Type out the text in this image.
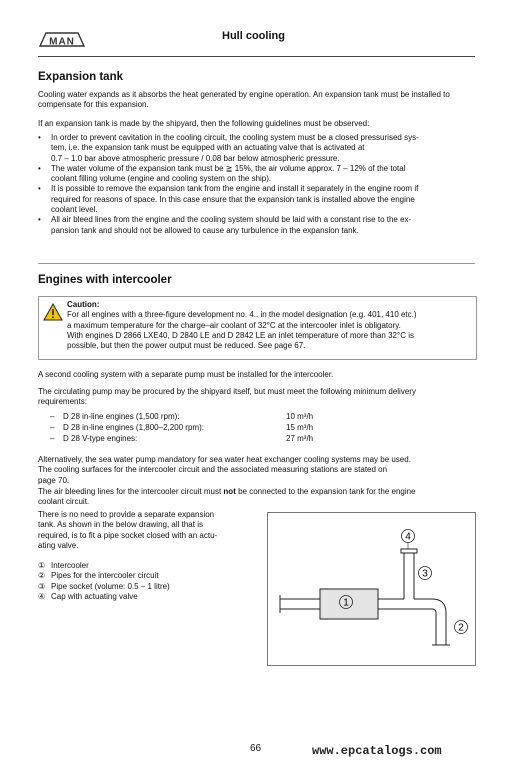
MAN	Hull cooling
Expansion tank
Cooling water expands as it absorbs the heat generated by engine operation. An expansion tank must be installed to compensate for this expansion.
If an expansion tank is made by the shipyard, then the following guidelines must be observed:
• In order to prevent cavitation in the cooling circuit, the cooling system must be a closed pressurised sys-
tem, i.e. the expansion tank must be equipped with an actuating valve that is activated at
0.7 – 1.0 bar above atmospheric pressure / 0.08 bar below atmospheric pressure.
• The water volume of the expansion tank must be ≧ 15%, the air volume approx. 7 – 12% of the total
coolant filling volume (engine and cooling system on the ship).
• It is possible to remove the expansion tank from the engine and install it separately in the engine room if
required for reasons of space. In this case ensure that the expansion tank is installed above the engine
coolant level.
• All air bleed lines from the engine and the cooling system should be laid with a constant rise to the ex-
pansion tank and should not be allowed to cause any turbulence in the expansion tank.
Engines with intercooler
Caution:
For all engines with a three-figure development no. 4.. in the model designation (e.g. 401, 410 etc.)
a maximum temperature for the charge–air coolant of 32°C at the intercooler inlet is obligatory.
With engines D 2866 LXE40, D 2840 LE and D 2842 LE an inlet temperature of more than 32°C is
possible, but then the power output must be reduced. See page 67.
A second cooling system with a separate pump must be installed for the intercooler.
The circulating pump may be procured by the shipyard itself, but must meet the following minimum delivery
requirements:
– D 28 in-line engines (1,500 rpm):	10 m³/h
– D 28 in-line engines (1,800–2,200 rpm):	15 m³/h
– D 28 V-type engines:	27 m³/h
Alternatively, the sea water pump mandatory for sea water heat exchanger cooling systems may be used.
The cooling surfaces for the intercooler circuit and the associated measuring stations are stated on
page 70.
The air bleeding lines for the intercooler circuit must not be connected to the expansion tank for the engine
coolant circuit.
There is no need to provide a separate expansion
tank. As shown in the below drawing, all that is
required, is to fit a pipe socket closed with an actu-
ating valve.
① Intercooler
② Pipes for the intercooler circuit
③ Pipe socket (volume: 0.5 – 1 litre)
④ Cap with actuating valve
1
4
3
2
66	www.epcatalogs.com
